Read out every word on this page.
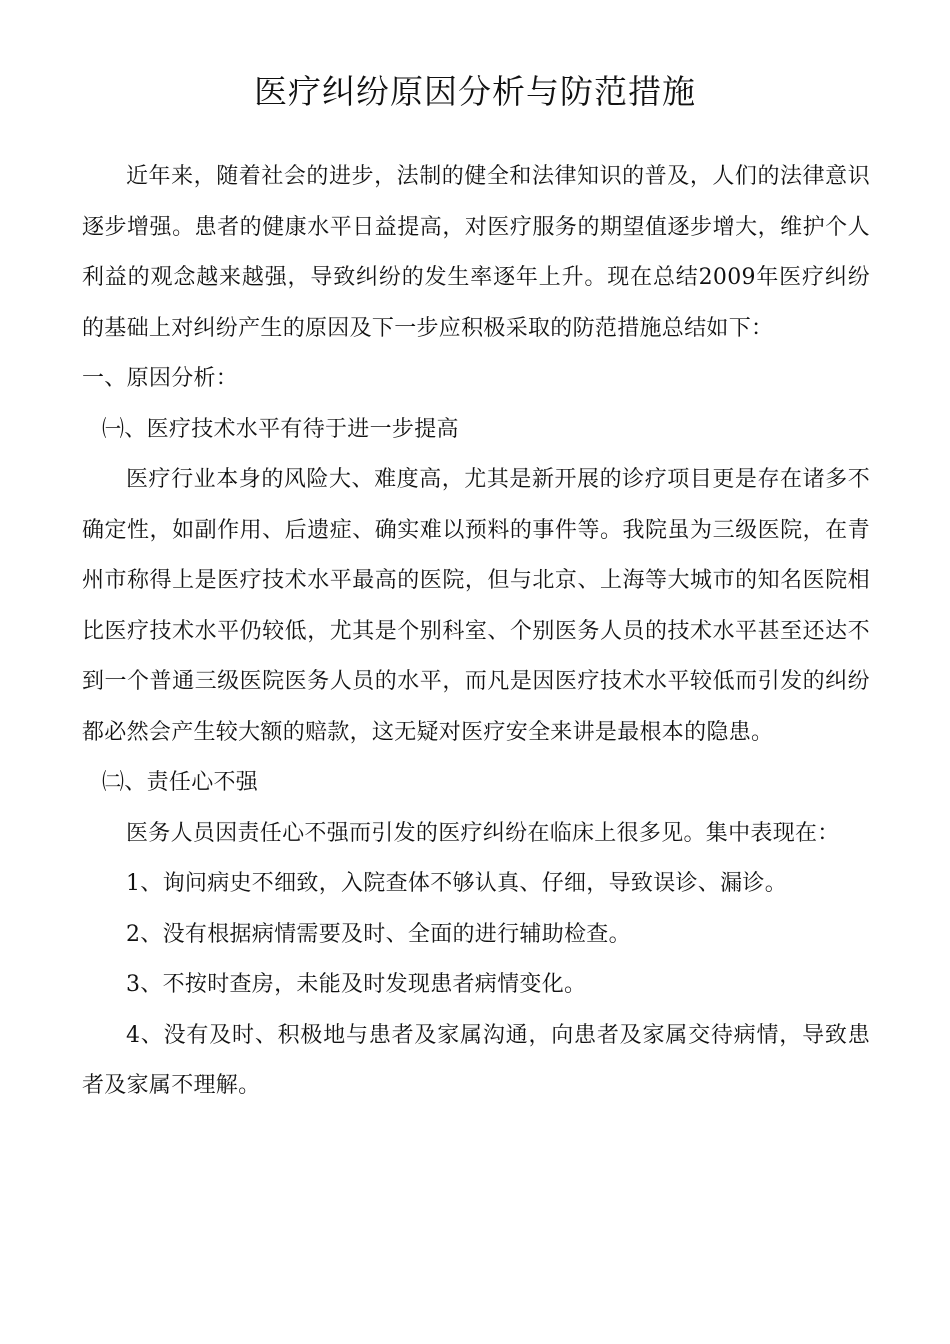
医疗纠纷原因分析与防范措施

近年来，随着社会的进步，法制的健全和法律知识的普及，人们的法律意识逐步增强。患者的健康水平日益提高，对医疗服务的期望值逐步增大，维护个人利益的观念越来越强，导致纠纷的发生率逐年上升。现在总结2009年医疗纠纷的基础上对纠纷产生的原因及下一步应积极采取的防范措施总结如下：

一、原因分析：

㈠、医疗技术水平有待于进一步提高

医疗行业本身的风险大、难度高，尤其是新开展的诊疗项目更是存在诸多不确定性，如副作用、后遗症、确实难以预料的事件等。我院虽为三级医院，在青州市称得上是医疗技术水平最高的医院，但与北京、上海等大城市的知名医院相比医疗技术水平仍较低，尤其是个别科室、个别医务人员的技术水平甚至还达不到一个普通三级医院医务人员的水平，而凡是因医疗技术水平较低而引发的纠纷都必然会产生较大额的赔款，这无疑对医疗安全来讲是最根本的隐患。

㈡、责任心不强

医务人员因责任心不强而引发的医疗纠纷在临床上很多见。集中表现在：

1、询问病史不细致，入院查体不够认真、仔细，导致误诊、漏诊。

2、没有根据病情需要及时、全面的进行辅助检查。

3、不按时查房，未能及时发现患者病情变化。

4、没有及时、积极地与患者及家属沟通，向患者及家属交待病情，导致患者及家属不理解。
